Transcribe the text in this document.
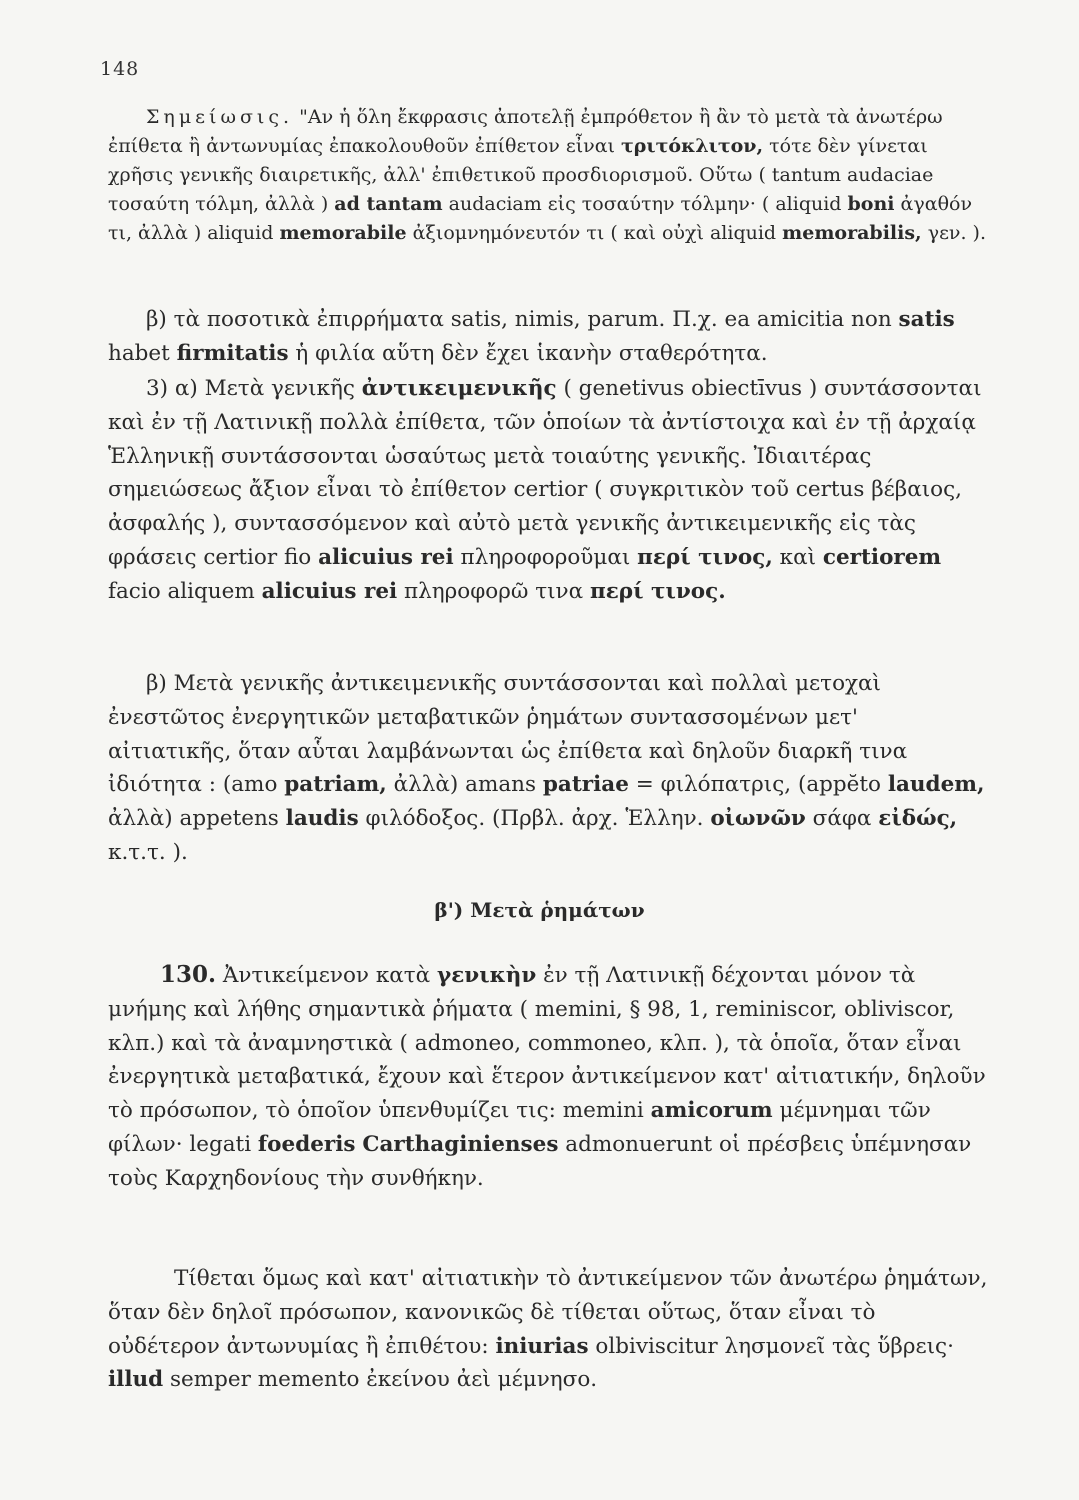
148
Σημείωσις. "Αν ἡ ὅλη ἔκφρασις ἀποτελῇ ἐμπρόθετον ἢ ἂν τὸ μετὰ τὰ ἀνωτέρω ἐπίθετα ἢ ἀντωνυμίας ἐπακολουθοῦν ἐπίθετον εἶναι τριτόκλιτον, τότε δὲν γίνεται χρῆσις γενικῆς διαιρετικῆς, ἀλλ' ἐπιθετικοῦ προσδιορισμοῦ. Οὕτω ( tantum audaciae τοσαύτη τόλμη, ἀλλὰ ) ad tantam audaciam εἰς τοσαύτην τόλμην· ( aliquid boni ἀγαθόν τι, ἀλλὰ ) aliquid memorabile ἀξιομνημόνευτόν τι ( καὶ οὐχὶ aliquid memorabilis, γεν. ).
β) τὰ ποσοτικὰ ἐπιρρήματα satis, nimis, parum. Π.χ. ea amicitia non satis habet firmitatis ἡ φιλία αὕτη δὲν ἔχει ἱκανὴν σταθερότητα.
3) α) Μετὰ γενικῆς ἀντικειμενικῆς ( genetivus obiectīvus ) συντάσσονται καὶ ἐν τῇ Λατινικῇ πολλὰ ἐπίθετα, τῶν ὁποίων τὰ ἀντίστοιχα καὶ ἐν τῇ ἀρχαίᾳ Ἑλληνικῇ συντάσσονται ὡσαύτως μετὰ τοιαύτης γενικῆς. Ἰδιαιτέρας σημειώσεως ἄξιον εἶναι τὸ ἐπίθετον certior ( συγκριτικὸν τοῦ certus βέβαιος, ἀσφαλής ), συντασσόμενον καὶ αὐτὸ μετὰ γενικῆς ἀντικειμενικῆς εἰς τὰς φράσεις certior fio alicuius rei πληροφοροῦμαι περί τινος, καὶ certiorem facio aliquem alicuius rei πληροφορῶ τινα περί τινος.
β) Μετὰ γενικῆς ἀντικειμενικῆς συντάσσονται καὶ πολλαὶ μετοχαὶ ἐνεστῶτος ἐνεργητικῶν μεταβατικῶν ῥημάτων συντασσομένων μετ' αἰτιατικῆς, ὅταν αὗται λαμβάνωνται ὡς ἐπίθετα καὶ δηλοῦν διαρκῆ τινα ἰδιότητα : (amo patriam, ἀλλὰ) amans patriae = φιλόπατρις, (appĕto laudem, ἀλλὰ) appetens laudis φιλόδοξος. (Πρβλ. ἀρχ. Ἑλλην. οἰωνῶν σάφα εἰδώς, κ.τ.τ. ).
β') Μετὰ ῥημάτων
130. Ἀντικείμενον κατὰ γενικὴν ἐν τῇ Λατινικῇ δέχονται μόνον τὰ μνήμης καὶ λήθης σημαντικὰ ῥήματα ( memini, § 98, 1, reminiscor, obliviscor, κλπ.) καὶ τὰ ἀναμνηστικὰ ( admoneo, commoneo, κλπ. ), τὰ ὁποῖα, ὅταν εἶναι ἐνεργητικὰ μεταβατικά, ἔχουν καὶ ἕτερον ἀντικείμενον κατ' αἰτιατικήν, δηλοῦν τὸ πρόσωπον, τὸ ὁποῖον ὑπενθυμίζει τις: memini amicorum μέμνημαι τῶν φίλων· legati foederis Carthaginienses admonuerunt οἱ πρέσβεις ὑπέμνησαν τοὺς Καρχηδονίους τὴν συνθήκην.
Τίθεται ὅμως καὶ κατ' αἰτιατικὴν τὸ ἀντικείμενον τῶν ἀνωτέρω ῥημάτων, ὅταν δὲν δηλοῖ πρόσωπον, κανονικῶς δὲ τίθεται οὕτως, ὅταν εἶναι τὸ οὐδέτερον ἀντωνυμίας ἢ ἐπιθέτου: iniurias olbiviscitur λησμονεῖ τὰς ὕβρεις· illud semper memento ἐκείνου ἀεὶ μέμνησο.
